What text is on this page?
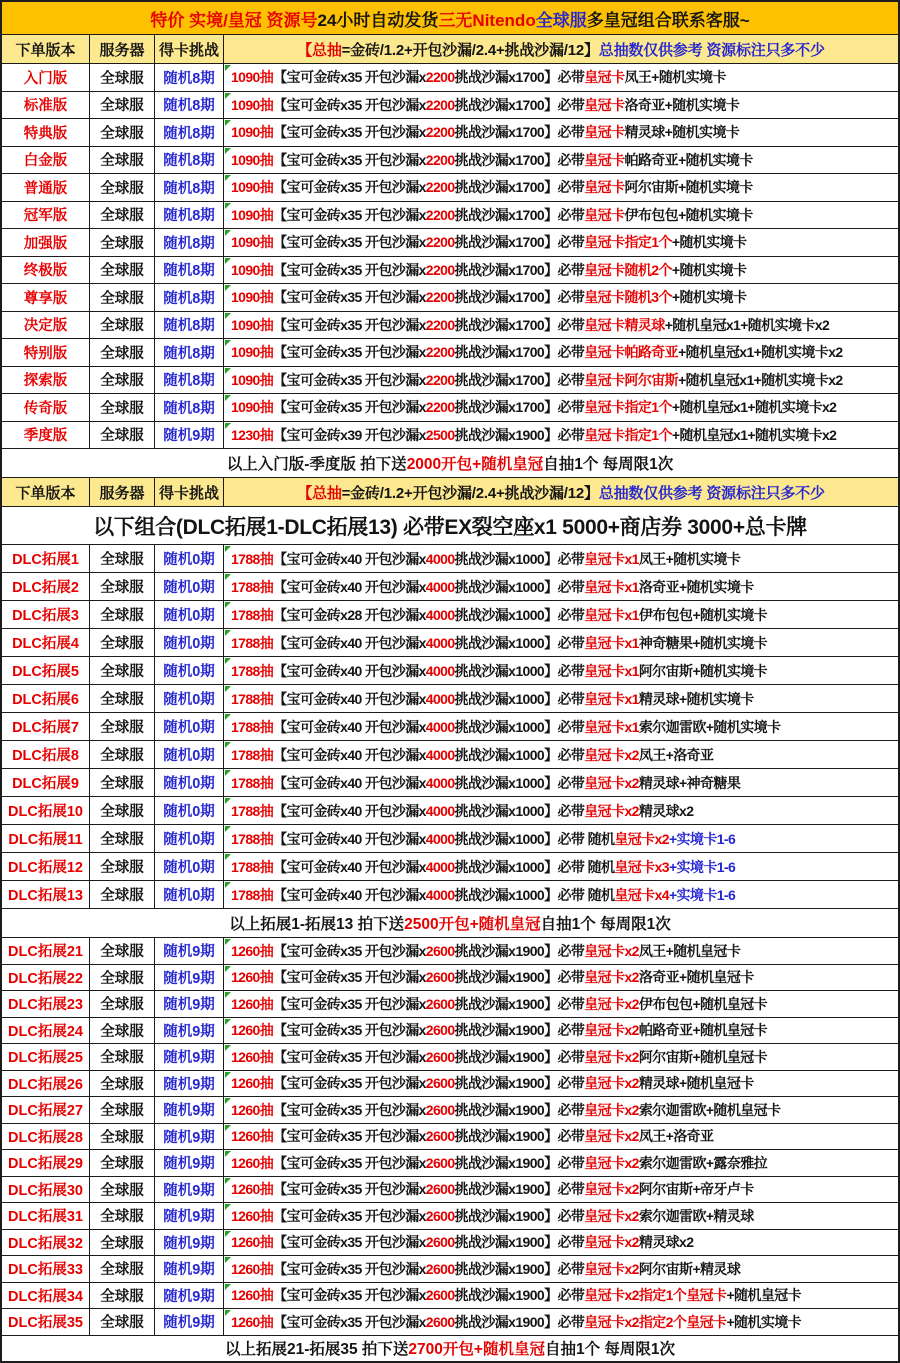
特价 实境/皇冠 资源号 24小时自动发货 三无Nitendo 全球服 多皇冠组合联系客服~
下单版本	服务器 得卡挑战	【总抽 =金砖/1.2+开包沙漏/2.4+挑战沙漏/12】 总抽数仅供参考 资源标注只多不少
入门版	全球服	随机8期	1090抽 【宝可金砖x35 开包沙漏x 2200 挑战沙漏x1700】必带 皇冠卡 凤王+随机实境卡
标准版	全球服	随机8期	1090抽 【宝可金砖x35 开包沙漏x 2200 挑战沙漏x1700】必带 皇冠卡 洛奇亚+随机实境卡
特典版	全球服	随机8期	1090抽 【宝可金砖x35 开包沙漏x 2200 挑战沙漏x1700】必带 皇冠卡 精灵球+随机实境卡
白金版	全球服	随机8期	1090抽 【宝可金砖x35 开包沙漏x 2200 挑战沙漏x1700】必带 皇冠卡 帕路奇亚+随机实境卡
普通版	全球服	随机8期	1090抽 【宝可金砖x35 开包沙漏x 2200 挑战沙漏x1700】必带 皇冠卡 阿尔宙斯+随机实境卡
冠军版	全球服	随机8期	1090抽 【宝可金砖x35 开包沙漏x 2200 挑战沙漏x1700】必带 皇冠卡 伊布包包+随机实境卡
加强版	全球服	随机8期	1090抽 【宝可金砖x35 开包沙漏x 2200 挑战沙漏x1700】必带 皇冠卡 指定1个 +随机实境卡
终极版	全球服	随机8期	1090抽 【宝可金砖x35 开包沙漏x 2200 挑战沙漏x1700】必带 皇冠卡 随机2个 +随机实境卡
尊享版	全球服	随机8期	1090抽 【宝可金砖x35 开包沙漏x 2200 挑战沙漏x1700】必带 皇冠卡 随机3个 +随机实境卡
决定版	全球服	随机8期	1090抽 【宝可金砖x35 开包沙漏x 2200 挑战沙漏x1700】必带 皇冠卡 精灵球 +随机皇冠x1+随机实境卡x2
特别版	全球服	随机8期	1090抽 【宝可金砖x35 开包沙漏x 2200 挑战沙漏x1700】必带 皇冠卡 帕路奇亚 +随机皇冠x1+随机实境卡x2
探索版	全球服	随机8期	1090抽 【宝可金砖x35 开包沙漏x 2200 挑战沙漏x1700】必带 皇冠卡 阿尔宙斯 +随机皇冠x1+随机实境卡x2
传奇版	全球服	随机8期	1090抽 【宝可金砖x35 开包沙漏x 2200 挑战沙漏x1700】必带 皇冠卡 指定1个 +随机皇冠x1+随机实境卡x2
季度版	全球服	随机9期	1230抽 【宝可金砖x39 开包沙漏x 2500 挑战沙漏x1900】必带 皇冠卡 指定1个 +随机皇冠x1+随机实境卡x2
以上入门版-季度版 拍下送 2000开包+随机皇冠 自抽1个 每周限1次
下单版本	服务器 得卡挑战	【总抽 =金砖/1.2+开包沙漏/2.4+挑战沙漏/12】 总抽数仅供参考 资源标注只多不少
以下组合(DLC拓展1-DLC拓展13) 必带EX裂空座x1 5000+商店券 3000+总卡牌
DLC拓展1	全球服	随机0期	1788抽 【宝可金砖x40 开包沙漏x 4000 挑战沙漏x1000】必带 皇冠卡x1 凤王+随机实境卡
DLC拓展2	全球服	随机0期	1788抽 【宝可金砖x40 开包沙漏x 4000 挑战沙漏x1000】必带 皇冠卡x1 洛奇亚+随机实境卡
DLC拓展3	全球服	随机0期	1788抽 【宝可金砖x28 开包沙漏x 4000 挑战沙漏x1000】必带 皇冠卡x1 伊布包包+随机实境卡
DLC拓展4	全球服	随机0期	1788抽 【宝可金砖x40 开包沙漏x 4000 挑战沙漏x1000】必带 皇冠卡x1 神奇糖果+随机实境卡
DLC拓展5	全球服	随机0期	1788抽 【宝可金砖x40 开包沙漏x 4000 挑战沙漏x1000】必带 皇冠卡x1 阿尔宙斯+随机实境卡
DLC拓展6	全球服	随机0期	1788抽 【宝可金砖x40 开包沙漏x 4000 挑战沙漏x1000】必带 皇冠卡x1 精灵球+随机实境卡
DLC拓展7	全球服	随机0期	1788抽 【宝可金砖x40 开包沙漏x 4000 挑战沙漏x1000】必带 皇冠卡x1 索尔迦雷欧+随机实境卡
DLC拓展8	全球服	随机0期	1788抽 【宝可金砖x40 开包沙漏x 4000 挑战沙漏x1000】必带 皇冠卡x2 凤王+洛奇亚
DLC拓展9	全球服	随机0期	1788抽 【宝可金砖x40 开包沙漏x 4000 挑战沙漏x1000】必带 皇冠卡x2 精灵球+神奇糖果
DLC拓展10	全球服	随机0期	1788抽 【宝可金砖x40 开包沙漏x 4000 挑战沙漏x1000】必带 皇冠卡x2 精灵球x2
DLC拓展11	全球服	随机0期	1788抽 【宝可金砖x40 开包沙漏x 4000 挑战沙漏x1000】必带 随机 皇冠卡x2 +实境卡1-6
DLC拓展12	全球服	随机0期	1788抽 【宝可金砖x40 开包沙漏x 4000 挑战沙漏x1000】必带 随机 皇冠卡x3 +实境卡1-6
DLC拓展13	全球服	随机0期	1788抽 【宝可金砖x40 开包沙漏x 4000 挑战沙漏x1000】必带 随机 皇冠卡x4 +实境卡1-6
以上拓展1-拓展13 拍下送 2500开包+随机皇冠 自抽1个 每周限1次
DLC拓展21	全球服	随机9期	1260抽 【宝可金砖x35 开包沙漏x 2600 挑战沙漏x1900】必带 皇冠卡x2 凤王+随机皇冠卡
DLC拓展22	全球服	随机9期	1260抽 【宝可金砖x35 开包沙漏x 2600 挑战沙漏x1900】必带 皇冠卡x2 洛奇亚+随机皇冠卡
DLC拓展23	全球服	随机9期	1260抽 【宝可金砖x35 开包沙漏x 2600 挑战沙漏x1900】必带 皇冠卡x2 伊布包包+随机皇冠卡
DLC拓展24	全球服	随机9期	1260抽 【宝可金砖x35 开包沙漏x 2600 挑战沙漏x1900】必带 皇冠卡x2 帕路奇亚+随机皇冠卡
DLC拓展25	全球服	随机9期	1260抽 【宝可金砖x35 开包沙漏x 2600 挑战沙漏x1900】必带 皇冠卡x2 阿尔宙斯+随机皇冠卡
DLC拓展26	全球服	随机9期	1260抽 【宝可金砖x35 开包沙漏x 2600 挑战沙漏x1900】必带 皇冠卡x2 精灵球+随机皇冠卡
DLC拓展27	全球服	随机9期	1260抽 【宝可金砖x35 开包沙漏x 2600 挑战沙漏x1900】必带 皇冠卡x2 索尔迦雷欧+随机皇冠卡
DLC拓展28	全球服	随机9期	1260抽 【宝可金砖x35 开包沙漏x 2600 挑战沙漏x1900】必带 皇冠卡x2 凤王+洛奇亚
DLC拓展29	全球服	随机9期	1260抽 【宝可金砖x35 开包沙漏x 2600 挑战沙漏x1900】必带 皇冠卡x2 索尔迦雷欧+露奈雅拉
DLC拓展30	全球服	随机9期	1260抽 【宝可金砖x35 开包沙漏x 2600 挑战沙漏x1900】必带 皇冠卡x2 阿尔宙斯+帝牙卢卡
DLC拓展31	全球服	随机9期	1260抽 【宝可金砖x35 开包沙漏x 2600 挑战沙漏x1900】必带 皇冠卡x2 索尔迦雷欧+精灵球
DLC拓展32	全球服	随机9期	1260抽 【宝可金砖x35 开包沙漏x 2600 挑战沙漏x1900】必带 皇冠卡x2 精灵球x2
DLC拓展33	全球服	随机9期	1260抽 【宝可金砖x35 开包沙漏x 2600 挑战沙漏x1900】必带 皇冠卡x2 阿尔宙斯+精灵球
DLC拓展34	全球服	随机9期	1260抽 【宝可金砖x35 开包沙漏x 2600 挑战沙漏x1900】必带 皇冠卡x2 指定1个皇冠卡 +随机皇冠卡
DLC拓展35	全球服	随机9期	1260抽 【宝可金砖x35 开包沙漏x 2600 挑战沙漏x1900】必带 皇冠卡x2 指定2个皇冠卡 +随机实境卡
以上拓展21-拓展35 拍下送 2700开包+随机皇冠 自抽1个 每周限1次
